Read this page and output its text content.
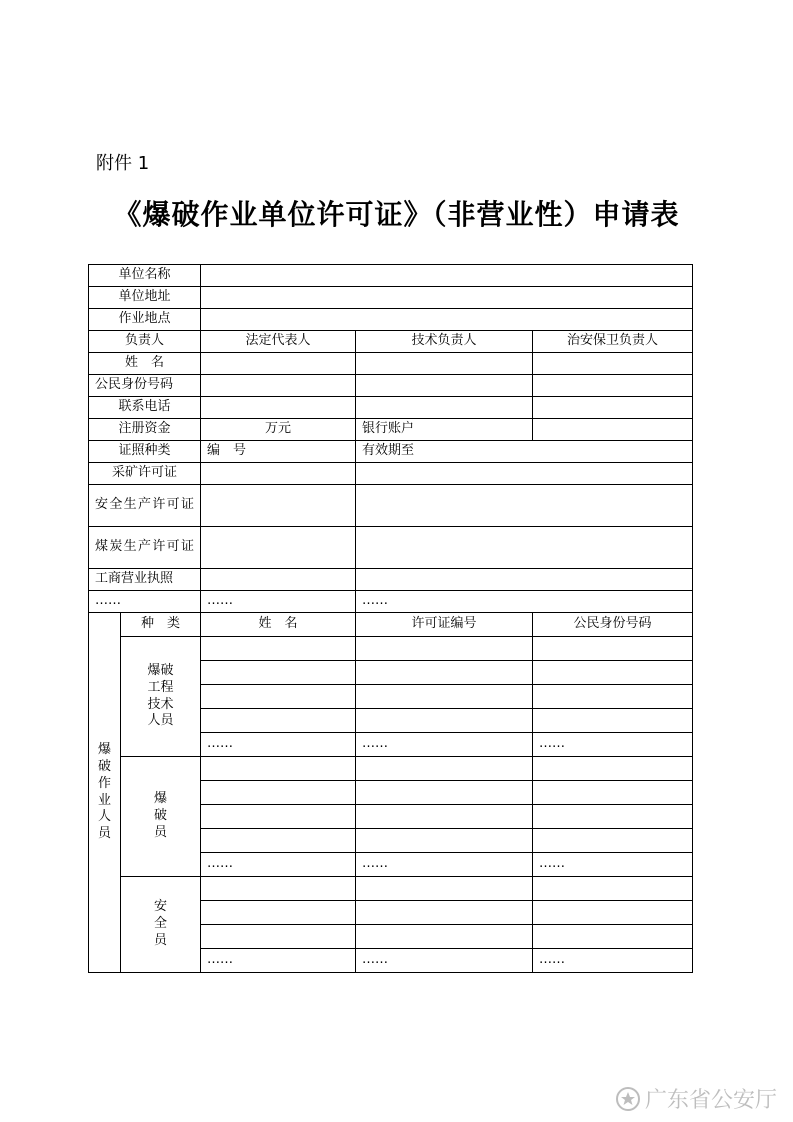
附件 1
《爆破作业单位许可证》（非营业性）申请表
单位名称				
单位地址				
作业地点				
负责人		法定代表人	技术负责人	治安保卫负责人
姓　名				
公民身份号码				
联系电话				
注册资金		万元	银行账户	
证照种类		编　号	有效期至	
采矿许可证				
安全生产许可证				
煤炭生产许可证				
工商营业执照				
……		……	……	

爆破作业人员	种　类	姓　名	许可证编号	公民身份号码

	爆破工程技术人员			

		……	……	……

	爆破员			

		……	……	……

	安全员			

		……	……	……
广东省公安厅
